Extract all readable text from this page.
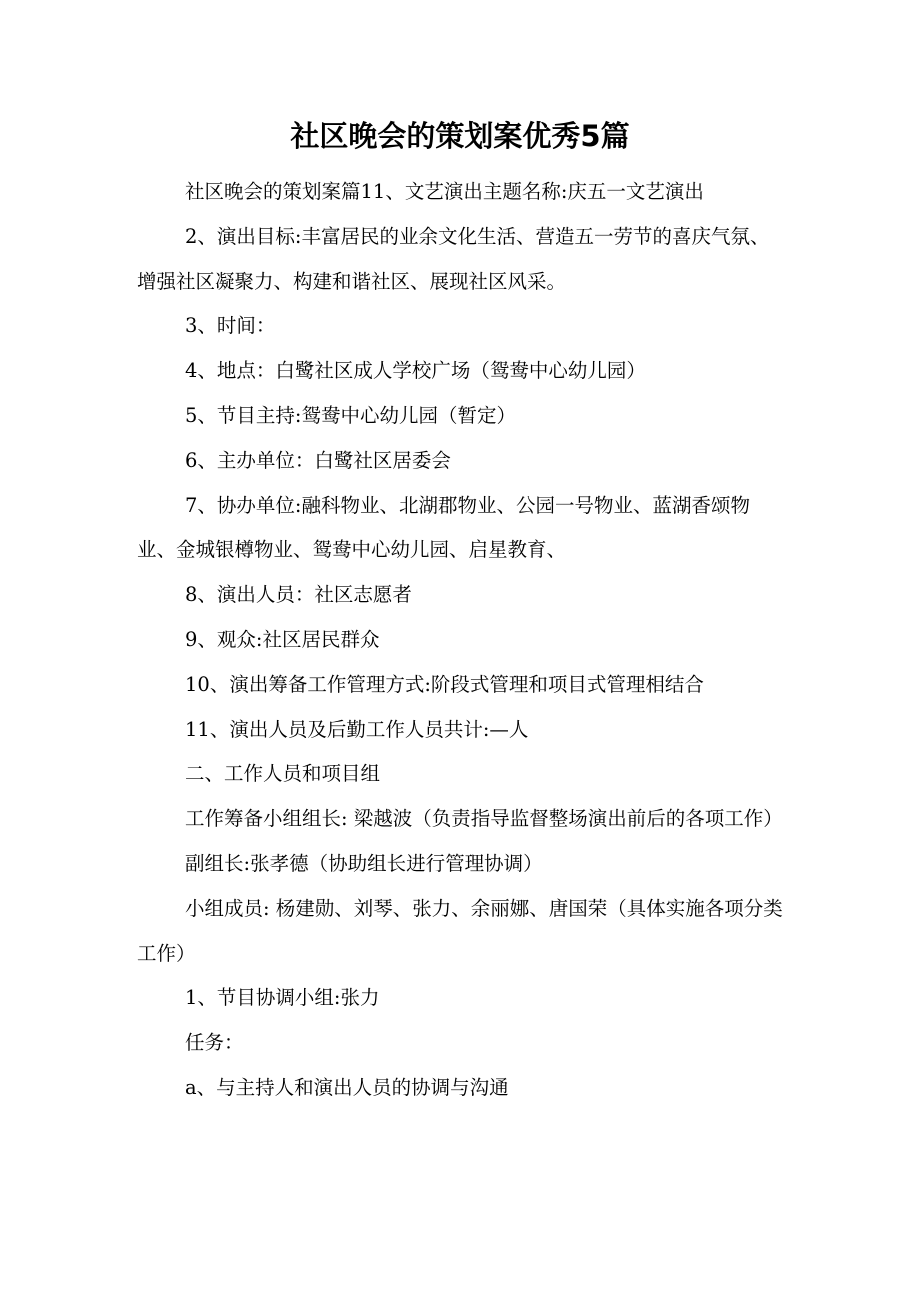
社区晚会的策划案优秀5篇

社区晚会的策划案篇11、文艺演出主题名称:庆五一文艺演出

2、演出目标:丰富居民的业余文化生活、营造五一劳节的喜庆气氛、增强社区凝聚力、构建和谐社区、展现社区风采。

3、时间：

4、地点：白鹭社区成人学校广场（鸳鸯中心幼儿园）

5、节目主持:鸳鸯中心幼儿园（暂定）

6、主办单位：白鹭社区居委会

7、协办单位:融科物业、北湖郡物业、公园一号物业、蓝湖香颂物业、金城银樽物业、鸳鸯中心幼儿园、启星教育、

8、演出人员：社区志愿者

9、观众:社区居民群众

10、演出筹备工作管理方式:阶段式管理和项目式管理相结合

11、演出人员及后勤工作人员共计:—人

二、工作人员和项目组

工作筹备小组组长: 梁越波（负责指导监督整场演出前后的各项工作）

副组长:张孝德（协助组长进行管理协调）

小组成员: 杨建勋、刘琴、张力、余丽娜、唐国荣（具体实施各项分类工作）

1、节目协调小组:张力

任务：

a、与主持人和演出人员的协调与沟通
